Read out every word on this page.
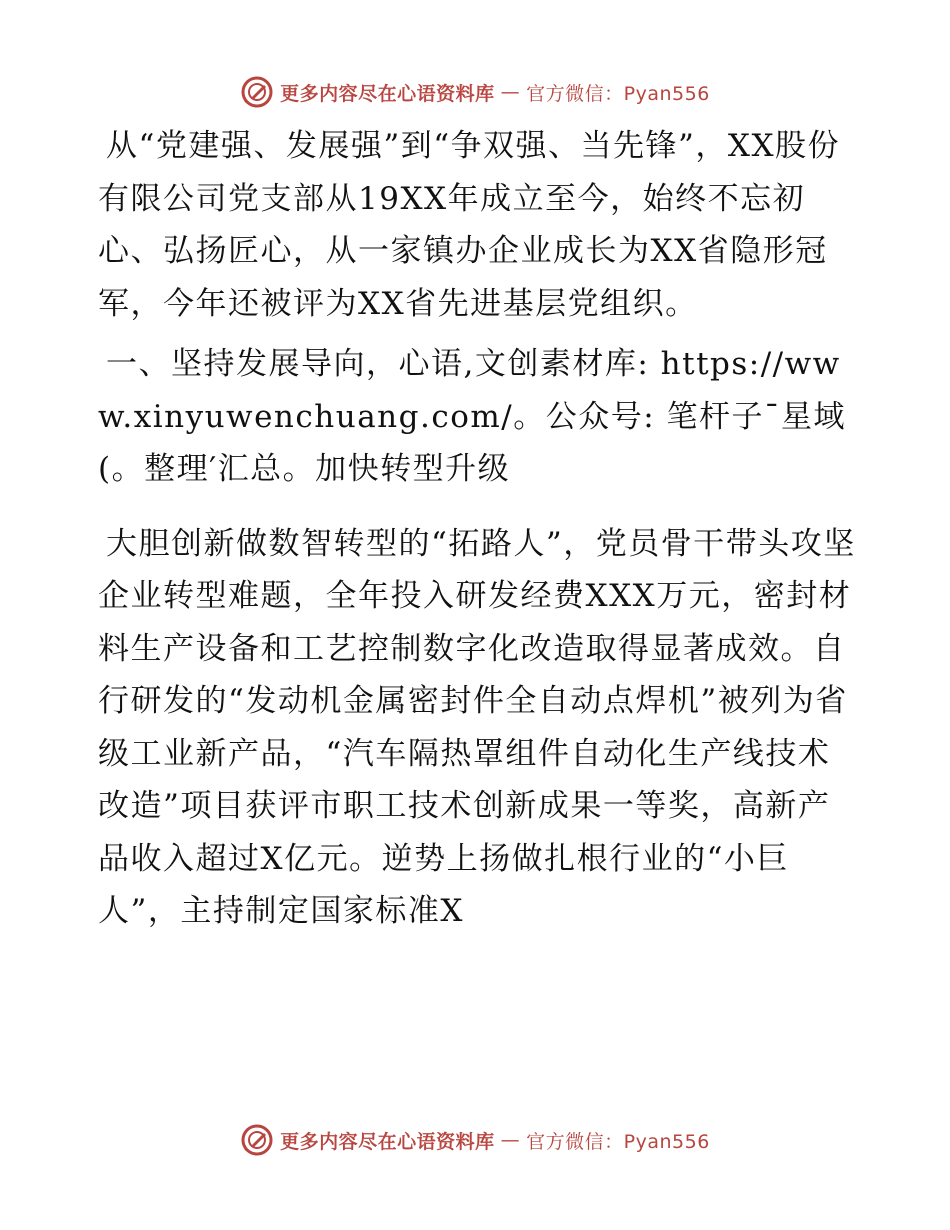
更多内容尽在心语资料库 — 官方微信：Pyan556

从“党建强、发展强”到“争双强、当先锋”，XX股份有限公司党支部从19XX年成立至今，始终不忘初心、弘扬匠心，从一家镇办企业成长为XX省隐形冠军，今年还被评为XX省先进基层党组织。

一、坚持发展导向，心语,文创素材库: https://www.xinyuwenchuang.com/。公众号: 笔杆子¯星域(。整理′汇总。加快转型升级

大胆创新做数智转型的“拓路人”，党员骨干带头攻坚企业转型难题，全年投入研发经费XXX万元，密封材料生产设备和工艺控制数字化改造取得显著成效。自行研发的“发动机金属密封件全自动点焊机”被列为省级工业新产品，“汽车隔热罩组件自动化生产线技术改造”项目获评市职工技术创新成果一等奖，高新产品收入超过X亿元。逆势上扬做扎根行业的“小巨人”，主持制定国家标准X

更多内容尽在心语资料库 — 官方微信：Pyan556
